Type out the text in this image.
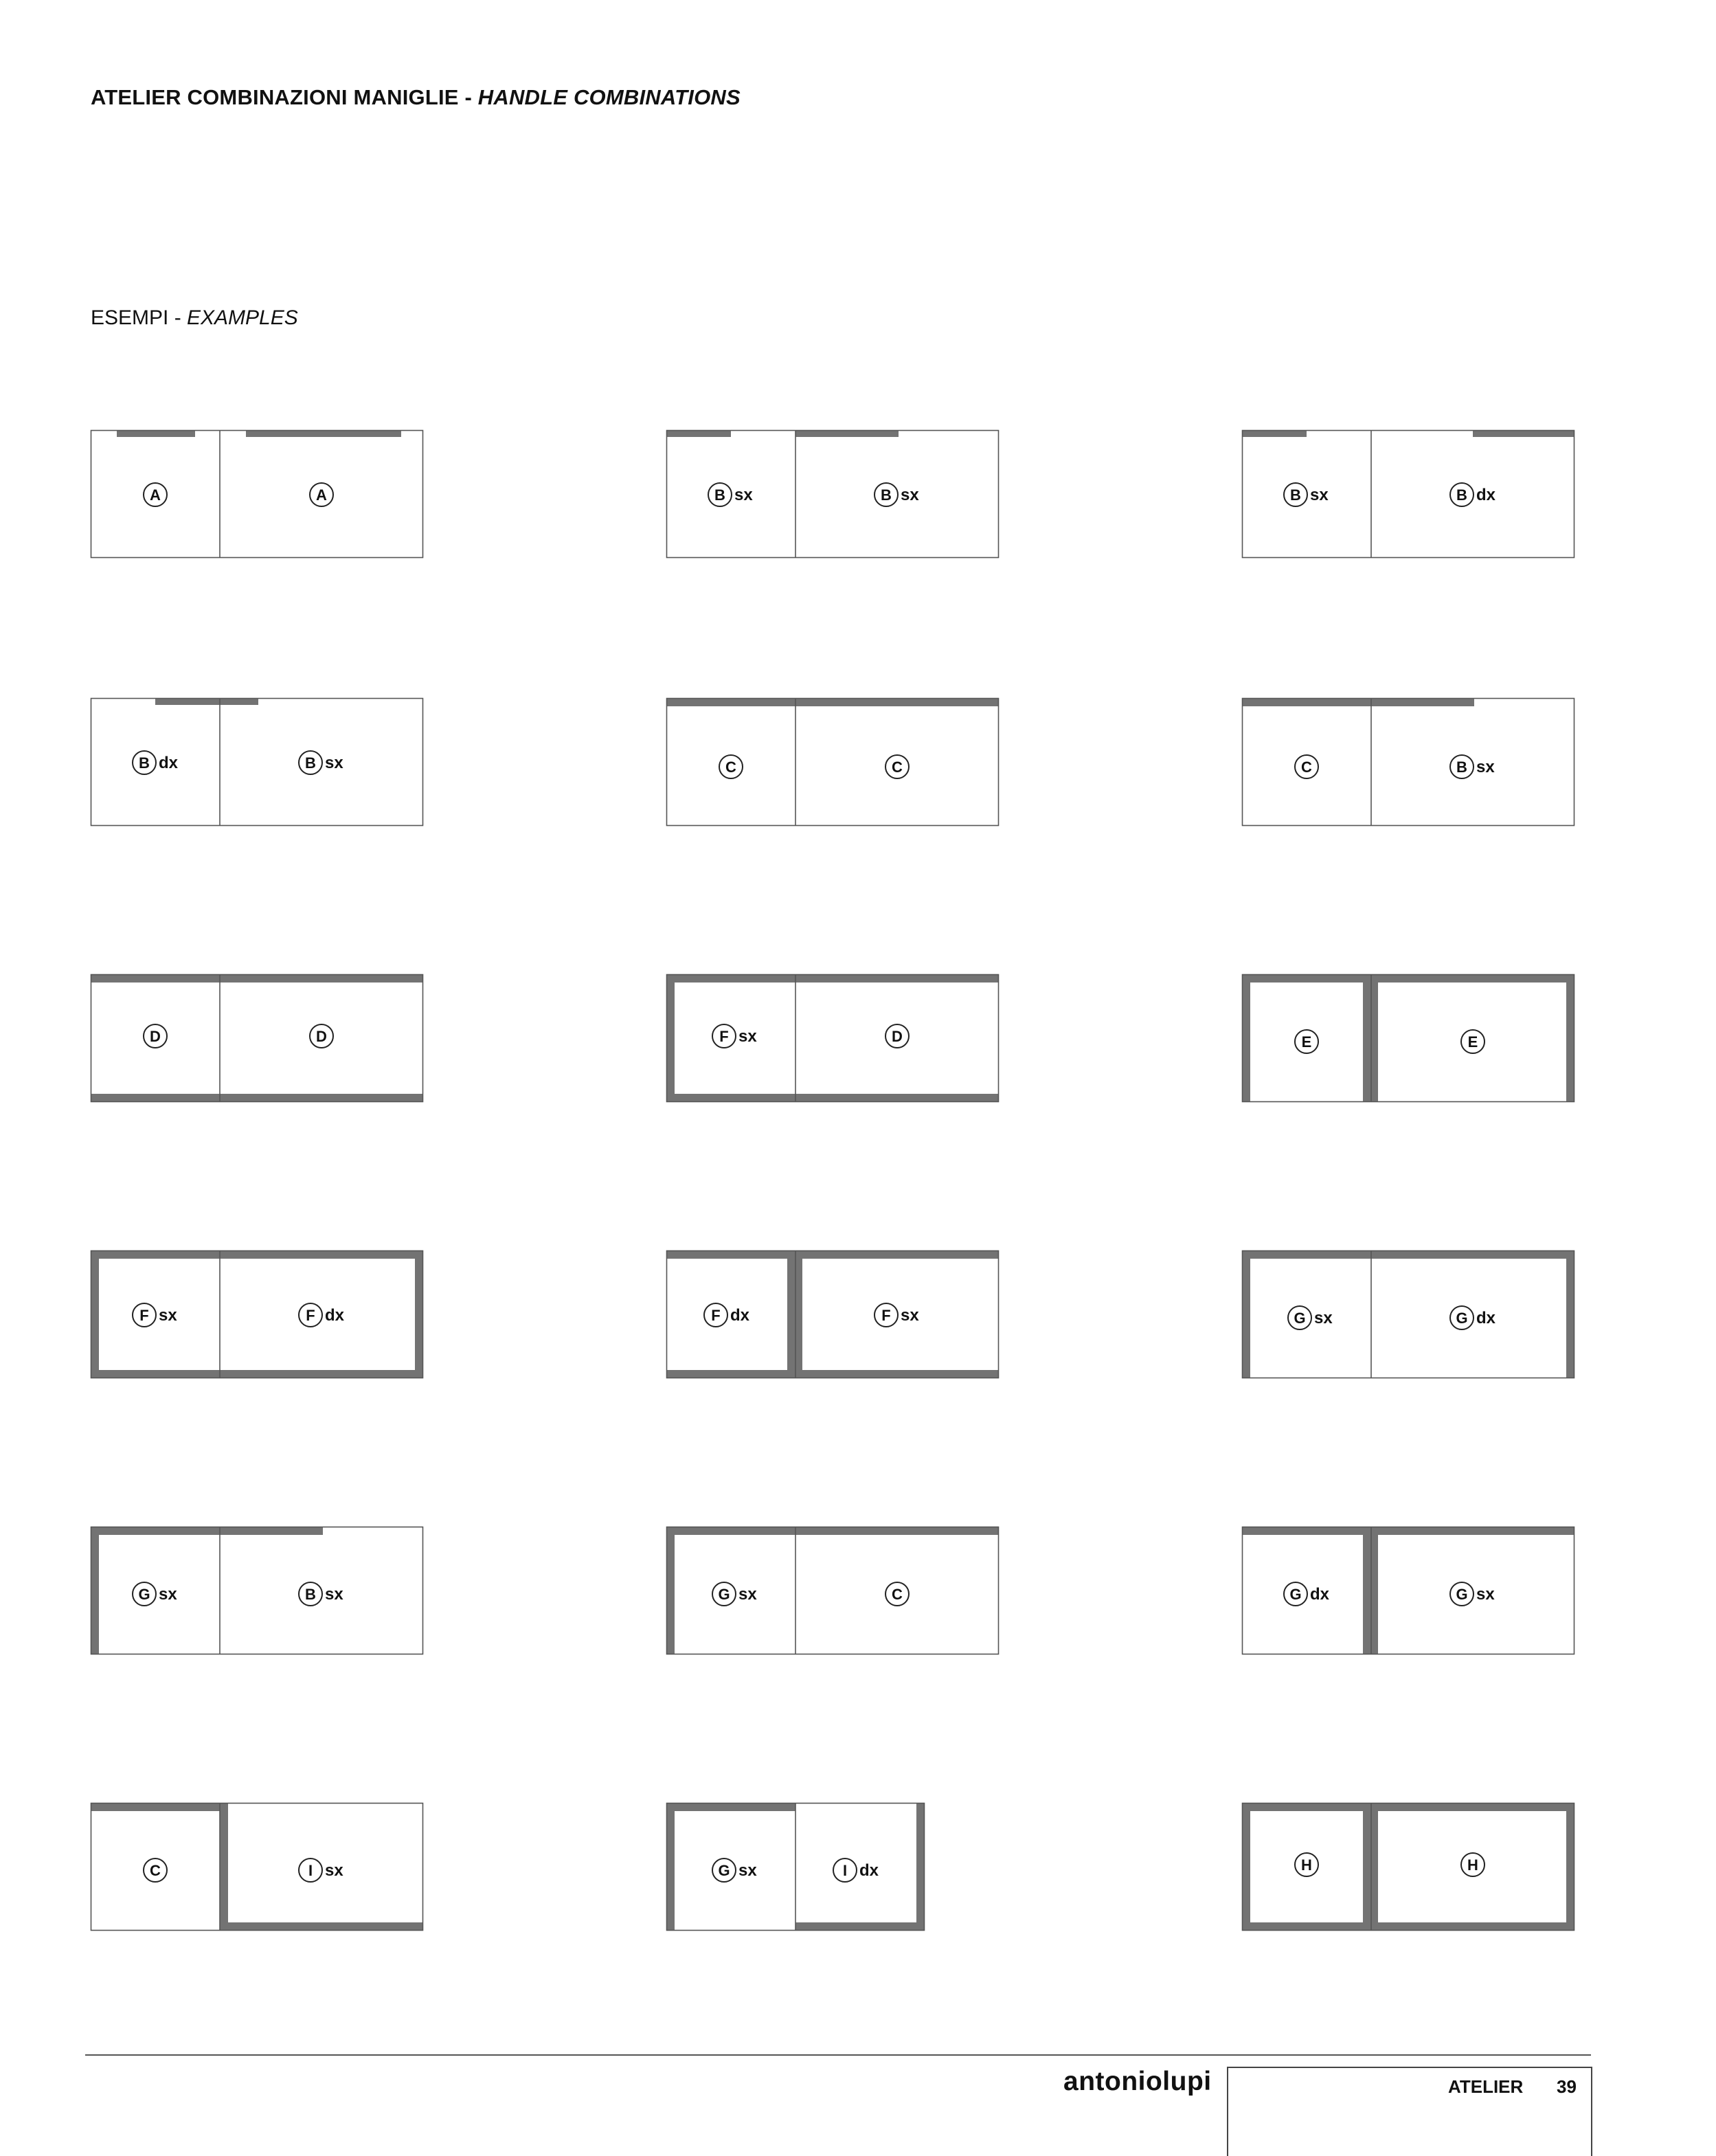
ATELIER COMBINAZIONI MANIGLIE - HANDLE COMBINATIONS
ESEMPI - EXAMPLES
A	A	B sx	B sx	B sx	B dx
B dx	B sx	C	C	C	B sx
D	D	F sx	D	E	E
F sx	F dx	F dx	F sx	G sx	G dx
G sx	B sx	G sx	C	G dx	G sx
C	I sx	G sx	I dx	H	H
antoniolupi	ATELIER 39
